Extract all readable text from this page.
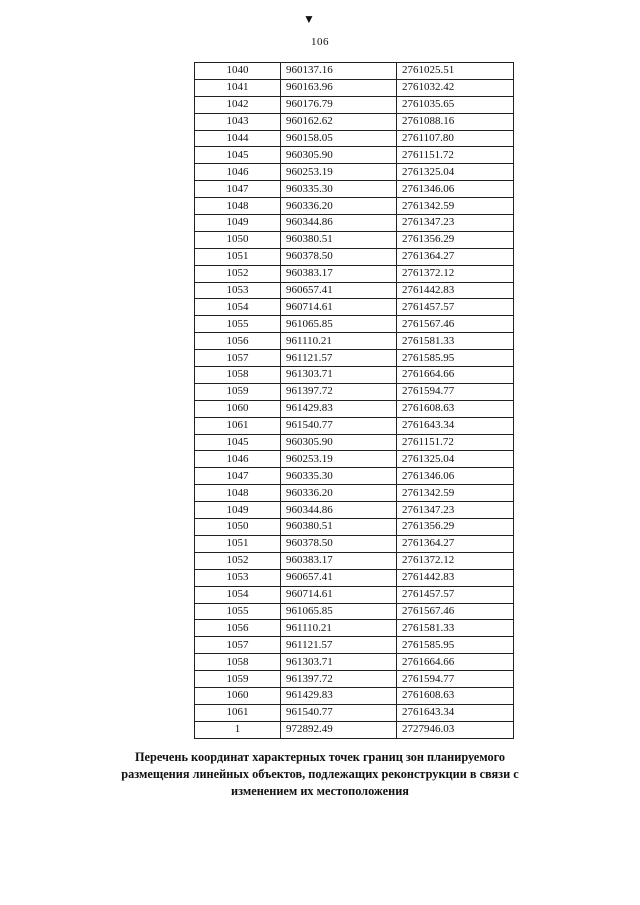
▼
106
1040	960137.16	2761025.51
1041	960163.96	2761032.42
1042	960176.79	2761035.65
1043	960162.62	2761088.16
1044	960158.05	2761107.80
1045	960305.90	2761151.72
1046	960253.19	2761325.04
1047	960335.30	2761346.06
1048	960336.20	2761342.59
1049	960344.86	2761347.23
1050	960380.51	2761356.29
1051	960378.50	2761364.27
1052	960383.17	2761372.12
1053	960657.41	2761442.83
1054	960714.61	2761457.57
1055	961065.85	2761567.46
1056	961110.21	2761581.33
1057	961121.57	2761585.95
1058	961303.71	2761664.66
1059	961397.72	2761594.77
1060	961429.83	2761608.63
1061	961540.77	2761643.34
1045	960305.90	2761151.72
1046	960253.19	2761325.04
1047	960335.30	2761346.06
1048	960336.20	2761342.59
1049	960344.86	2761347.23
1050	960380.51	2761356.29
1051	960378.50	2761364.27
1052	960383.17	2761372.12
1053	960657.41	2761442.83
1054	960714.61	2761457.57
1055	961065.85	2761567.46
1056	961110.21	2761581.33
1057	961121.57	2761585.95
1058	961303.71	2761664.66
1059	961397.72	2761594.77
1060	961429.83	2761608.63
1061	961540.77	2761643.34
1	972892.49	2727946.03
Перечень координат характерных точек границ зон планируемого
размещения линейных объектов, подлежащих реконструкции в связи с
изменением их местоположения
